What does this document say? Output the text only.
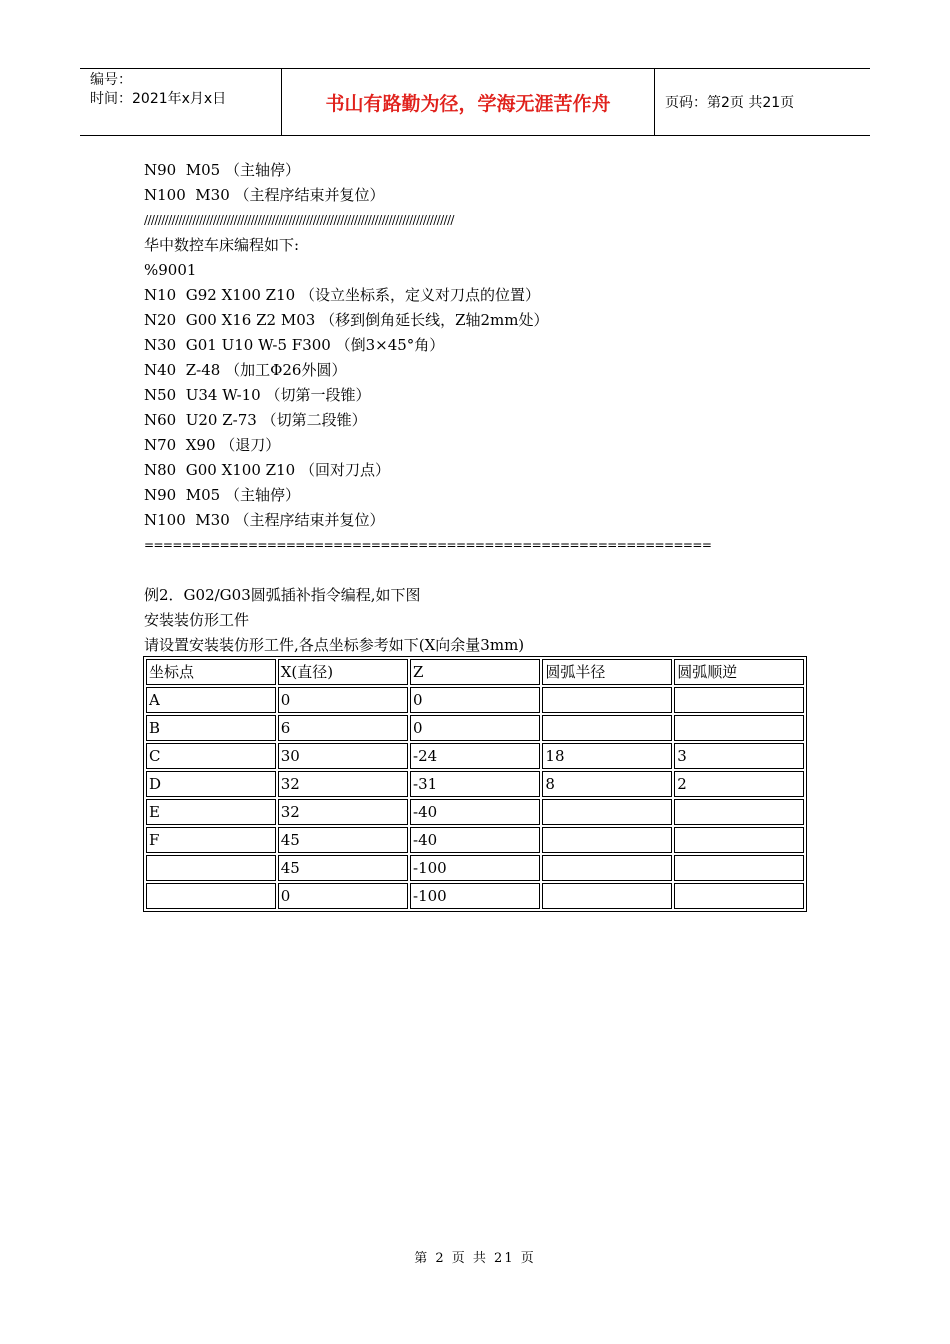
编号：
时间：2021年x月x日	书山有路勤为径，学海无涯苦作舟	页码：第2页 共21页
N90  M05 （主轴停）
N100  M30 （主程序结束并复位）
//////////////////////////////////////////////////////////////////////////////////////////
华中数控车床编程如下:
%9001
N10  G92 X100 Z10 （设立坐标系，定义对刀点的位置）
N20  G00 X16 Z2 M03 （移到倒角延长线，Z轴2mm处）
N30  G01 U10 W-5 F300 （倒3×45°角）
N40  Z-48 （加工Φ26外圆）
N50  U34 W-10 （切第一段锥）
N60  U20 Z-73 （切第二段锥）
N70  X90 （退刀）
N80  G00 X100 Z10 （回对刀点）
N90  M05 （主轴停）
N100  M30 （主程序结束并复位）
============================================================
例2．G02/G03圆弧插补指令编程,如下图
安装装仿形工件
请设置安装装仿形工件,各点坐标参考如下(X向余量3mm)
坐标点	X(直径)	Z	圆弧半径	圆弧顺逆
A	0	0		
B	6	0		
C	30	-24	18	3
D	32	-31	8	2
E	32	-40		
F	45	-40		
	45	-100		
	0	-100		
第 2 页 共 21 页
